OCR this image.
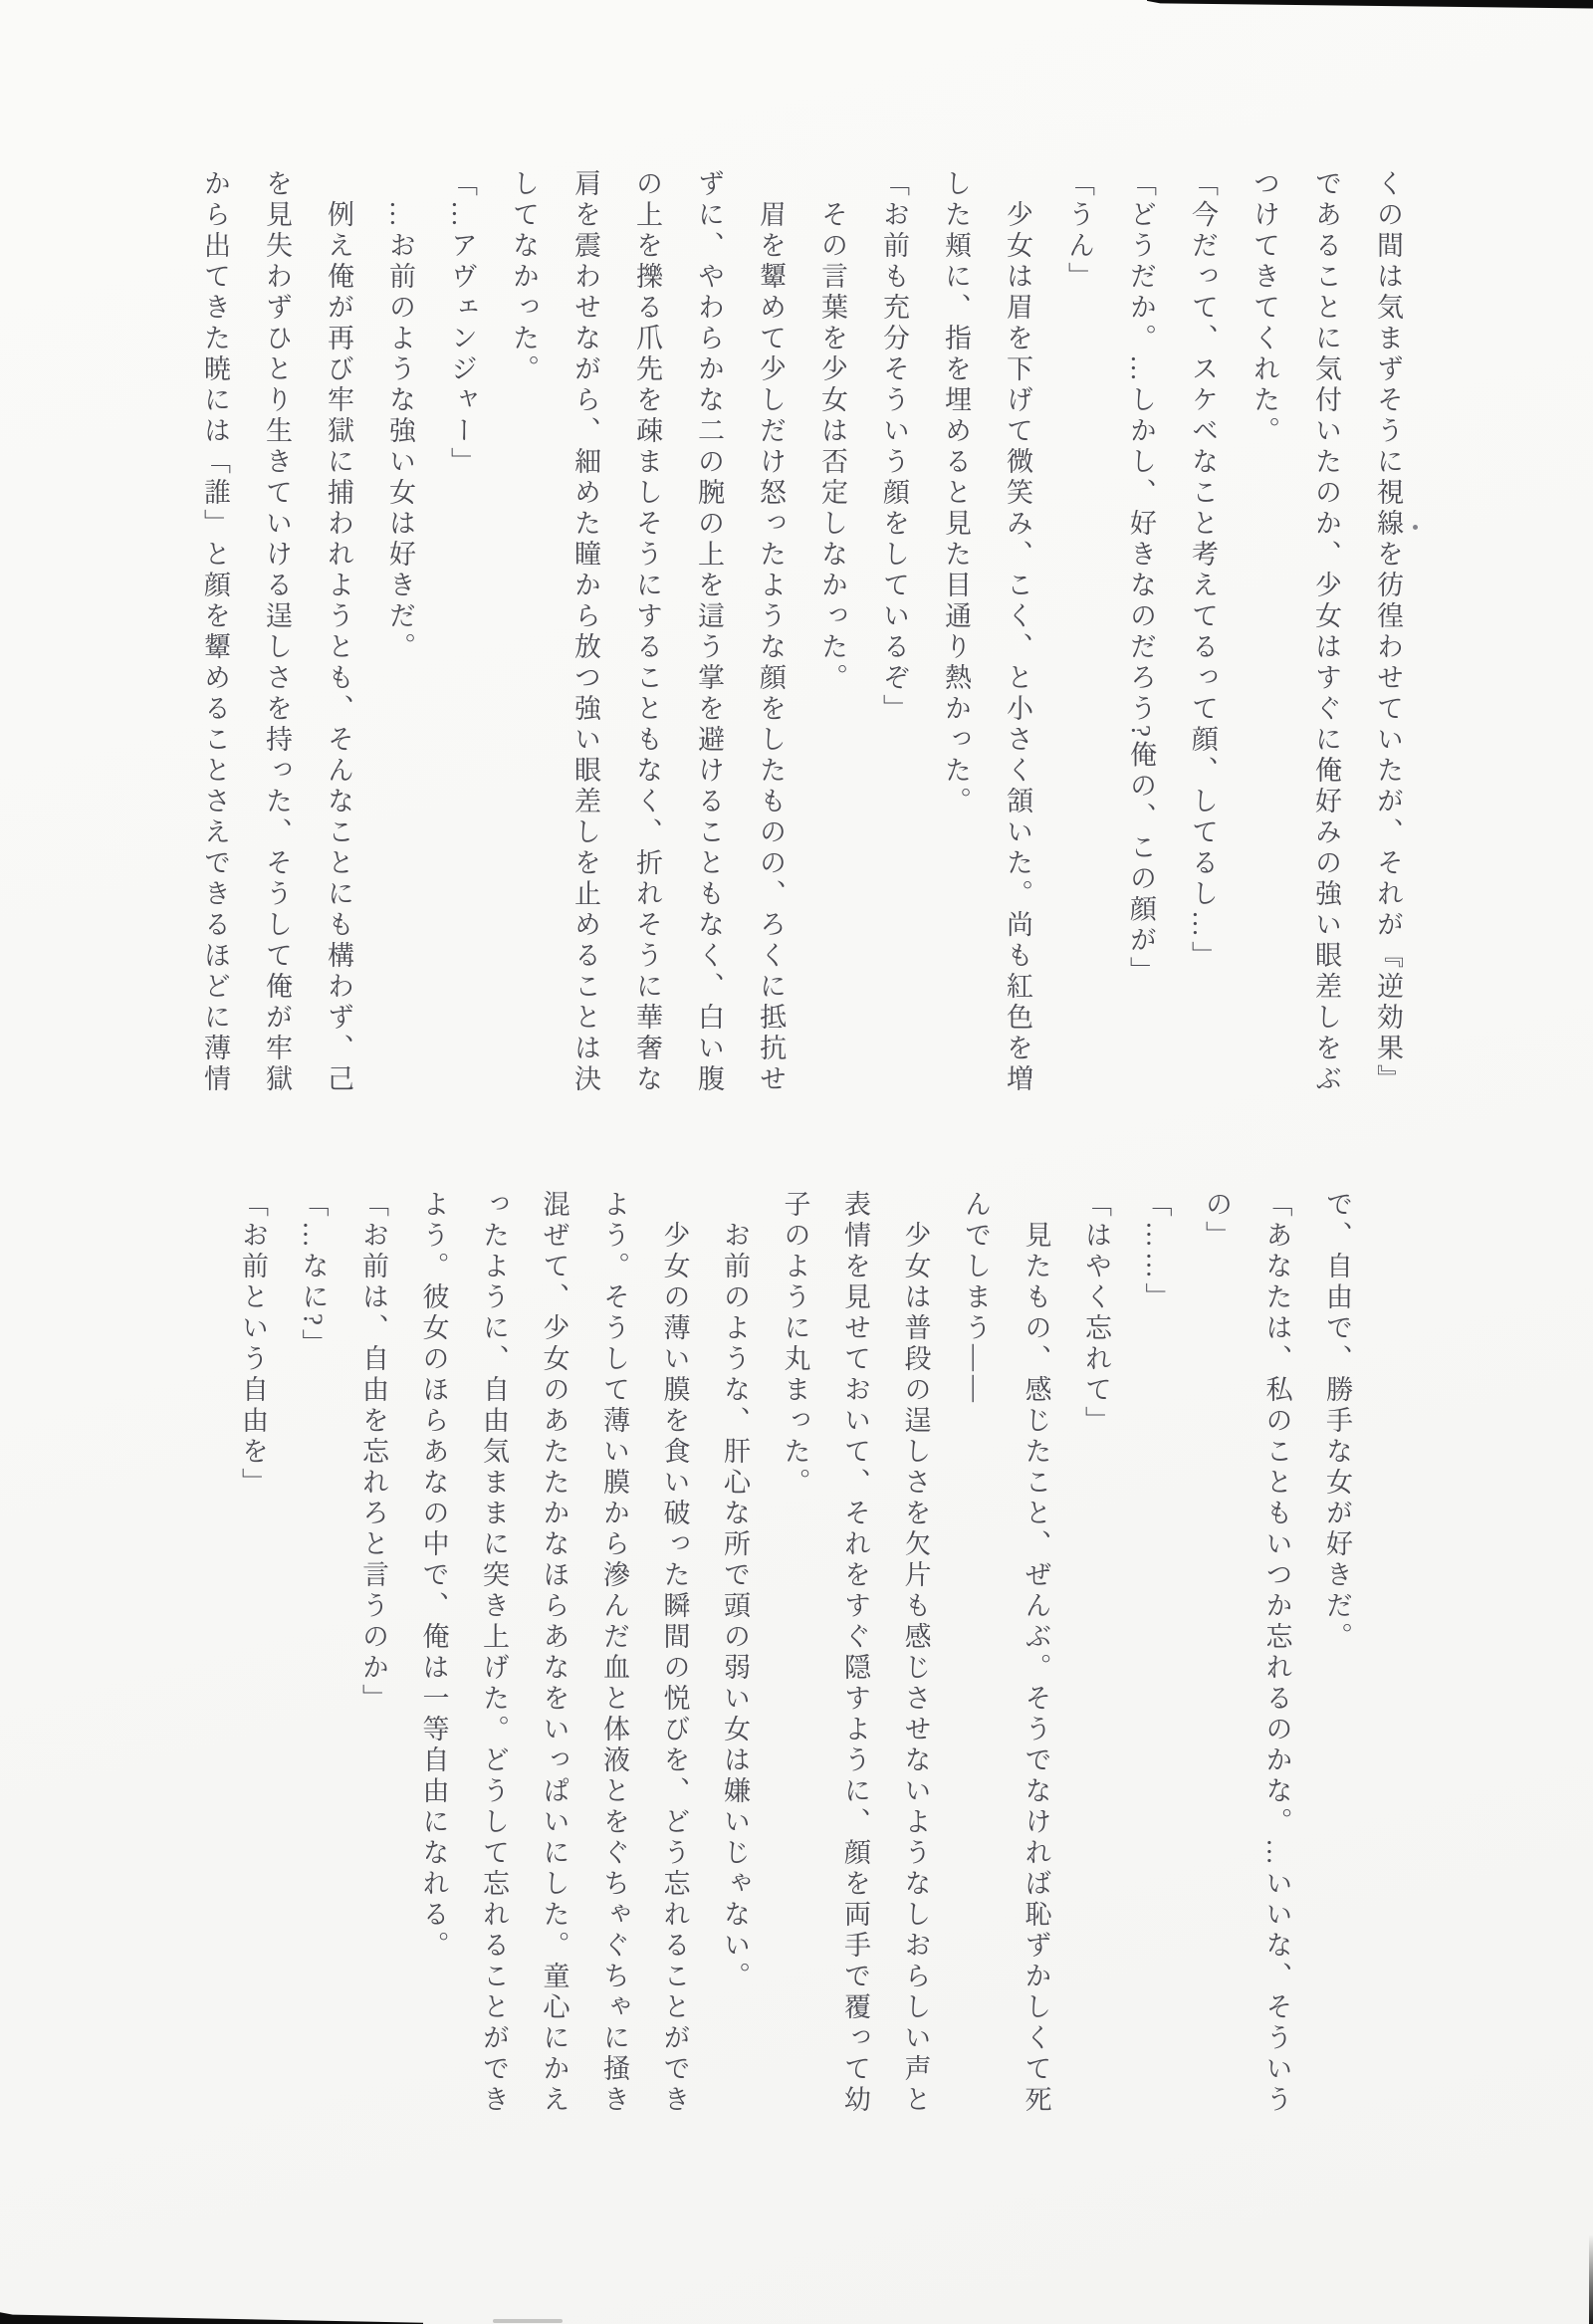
くの間は気まずそうに視線を彷徨わせていたが、それが『逆効果』

であることに気付いたのか、少女はすぐに俺好みの強い眼差しをぶ

つけてきてくれた。

「今だって、スケベなこと考えてるって顔、してるし…」

「どうだか。…しかし、好きなのだろう?俺の、この顔が」

「うん」

　少女は眉を下げて微笑み、こく、と小さく頷いた。尚も紅色を増

した頬に、指を埋めると見た目通り熱かった。

「お前も充分そういう顔をしているぞ」

　その言葉を少女は否定しなかった。

　眉を顰めて少しだけ怒ったような顔をしたものの、ろくに抵抗せ

ずに、やわらかな二の腕の上を這う掌を避けることもなく、白い腹

の上を擽る爪先を疎ましそうにすることもなく、折れそうに華奢な

肩を震わせながら、細めた瞳から放つ強い眼差しを止めることは決

してなかった。

「…アヴェンジャー」

　…お前のような強い女は好きだ。

　例え俺が再び牢獄に捕われようとも、そんなことにも構わず、己

を見失わずひとり生きていける逞しさを持った、そうして俺が牢獄

から出てきた暁には「誰」と顔を顰めることさえできるほどに薄情

で、自由で、勝手な女が好きだ。

「あなたは、私のこともいつか忘れるのかな。…いいな、そういう

の」

「……」

「はやく忘れて」

　見たもの、感じたこと、ぜんぶ。そうでなければ恥ずかしくて死

んでしまう――

　少女は普段の逞しさを欠片も感じさせないようなしおらしい声と

表情を見せておいて、それをすぐ隠すように、顔を両手で覆って幼

子のように丸まった。

　お前のような、肝心な所で頭の弱い女は嫌いじゃない。

　少女の薄い膜を食い破った瞬間の悦びを、どう忘れることができ

よう。そうして薄い膜から滲んだ血と体液とをぐちゃぐちゃに掻き

混ぜて、少女のあたたかなほらあなをいっぱいにした。童心にかえ

ったように、自由気ままに突き上げた。どうして忘れることができ

よう。彼女のほらあなの中で、俺は一等自由になれる。

「お前は、自由を忘れろと言うのか」

「…なに?」

「お前という自由を」
